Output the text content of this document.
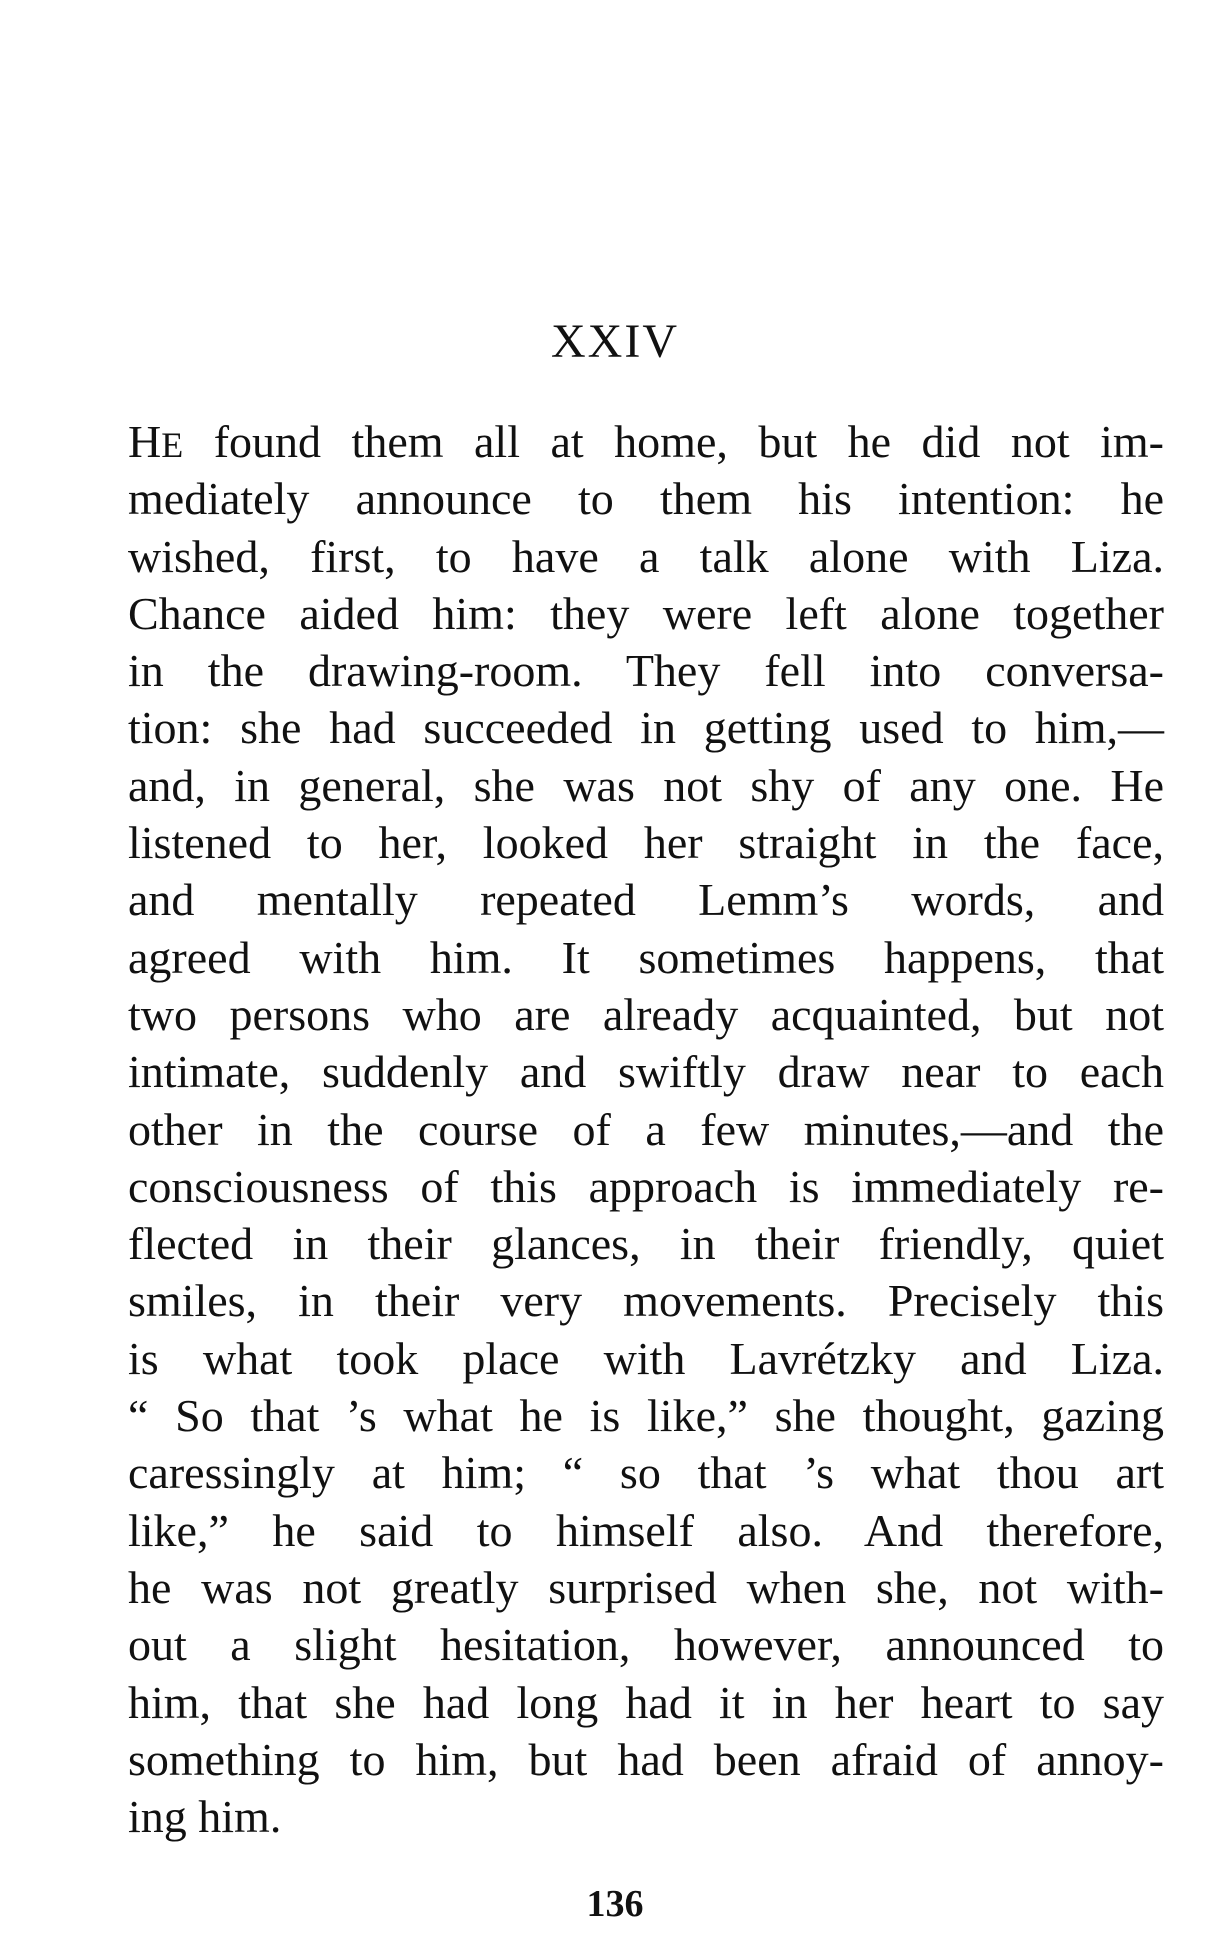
XXIV
HE found them all at home, but he did not im-
mediately announce to them his intention: he
wished, first, to have a talk alone with Liza.
Chance aided him: they were left alone together
in the drawing-room. They fell into conversa-
tion: she had succeeded in getting used to him,—
and, in general, she was not shy of any one. He
listened to her, looked her straight in the face,
and mentally repeated Lemm’s words, and
agreed with him. It sometimes happens, that
two persons who are already acquainted, but not
intimate, suddenly and swiftly draw near to each
other in the course of a few minutes,—and the
consciousness of this approach is immediately re-
flected in their glances, in their friendly, quiet
smiles, in their very movements. Precisely this
is what took place with Lavrétzky and Liza.
“ So that ’s what he is like,” she thought, gazing
caressingly at him; “ so that ’s what thou art
like,” he said to himself also. And therefore,
he was not greatly surprised when she, not with-
out a slight hesitation, however, announced to
him, that she had long had it in her heart to say
something to him, but had been afraid of annoy-
ing him.
136
